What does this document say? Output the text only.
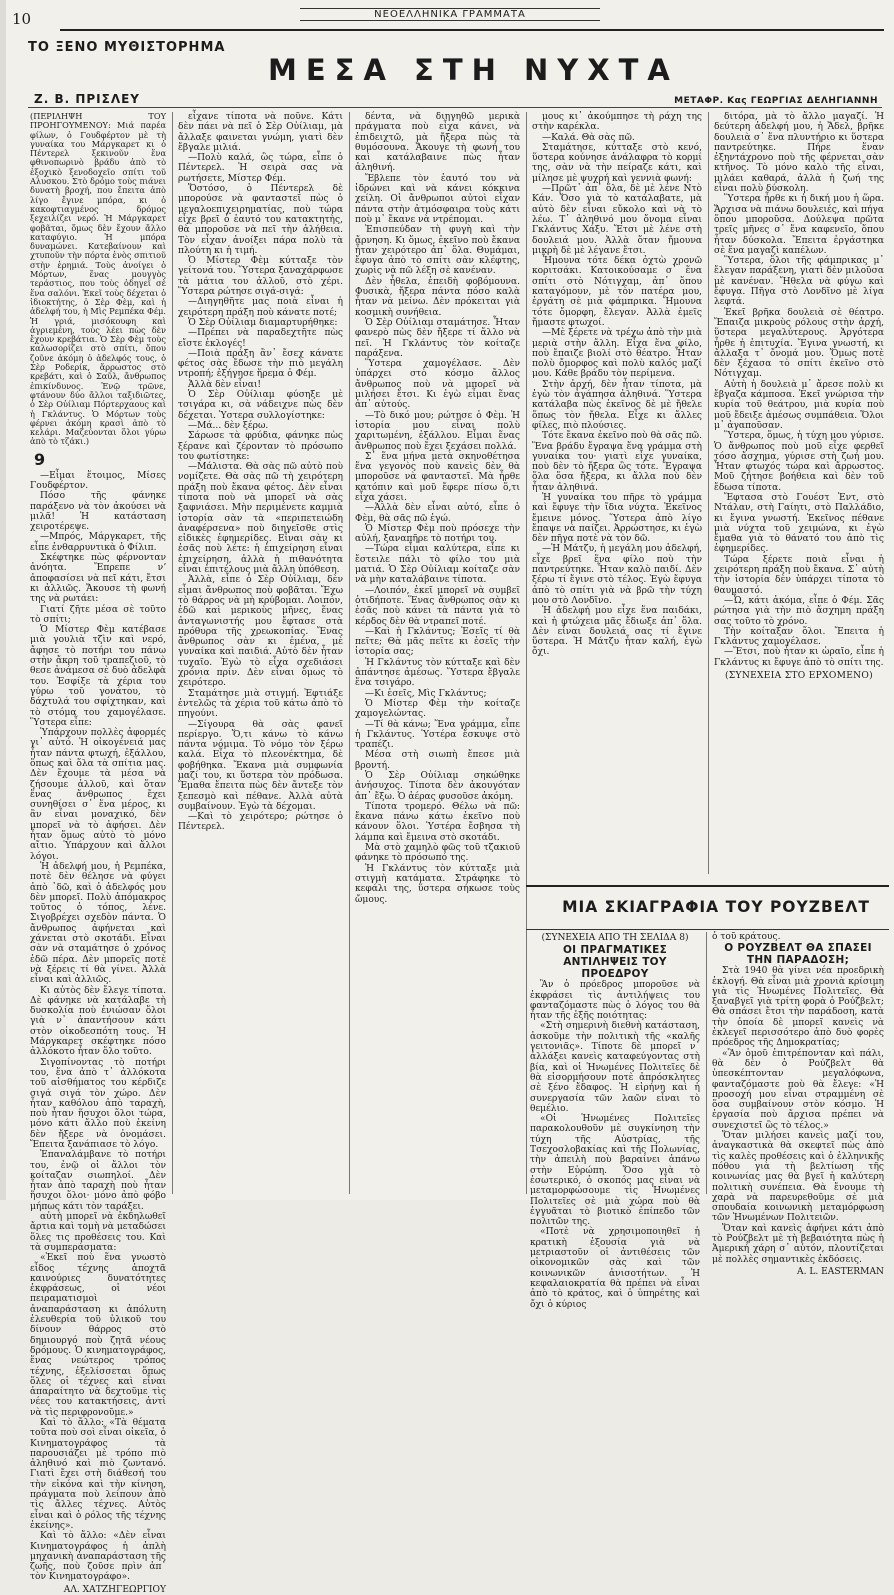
10	ΝΕΟΕΛΛΗΝΙΚΑ ΓΡΑΜΜΑΤΑ
ΤΟ ΞΕΝΟ ΜΥΘΙΣΤΟΡΗΜΑ
ΜΕΣΑ ΣΤΗ ΝΥΧΤΑ
Ζ. Β. ΠΡΙΣΛΕΥ	ΜΕΤΑΦΡ. Κας ΓΕΩΡΓΙΑΣ ΔΕΛΗΓΙΑΝΝΗ

(ΠΕΡΙΛΗΨΗ ΤΟΥ ΠΡΟΗΓΟΥΜΕΝΟΥ: Μιά παρέα φίλων, ὁ Γουδφέρτον μὲ τὴ γυναίκα του Μάργκαρετ κι ὁ Πέντερελ ξεκινοῦν ἕνα φθινοπωρινὸ βράδυ ἀπὸ τὸ ἐξοχικὸ ξενοδοχεῖο σπίτι τοῦ Αλυσκου. Στὸ δρόμο τοὺς πιάνει δυνατὴ βροχή, που ἔπειτα ἀπὸ λίγο ἔγινε μπόρα, κι ὁ κακοφτιαγμένος δρόμος ξεχειλίζει νερό. Ἡ Μάργκαρετ φοβᾶται, ὅμως δὲν ἔχουν ἄλλο καταφύγιο. Ἡ μπόρα δυναμώνει. Κατεβαίνουν καὶ χτυποῦν τὴν πόρτα ἑνὸς σπιτιοῦ στὴν ἐρημιά. Τοὺς ἀνοίγει ὁ Μόρτων, ἕνας μουγγὸς τεράστιος, που τοὺς ὁδηγεῖ σὲ ἕνα σαλόνι. Ἐκεῖ τοὺς δέχεται ὁ ἰδιοκτήτης, ὁ Σὲρ Φὲμ, καὶ ἡ ἀδελφή του, ἡ Μὶς Ρεμπέκα Φέμ. Ἡ γριά, μισόκουφη καὶ ἀγριεμένη, τοὺς λέει πὼς δὲν ἔχουν κρεβάτια. Ὁ Σὲρ Φὲμ τοὺς καλωσορίζει στὸ σπίτι, ὅπου ζοῦνε ἀκόμη ὁ ἀδελφός τους, ὁ Σὲρ Ροδερίκ, ἄρρωστος στὸ κρεβάτι, καὶ ὁ Σαῦλ, ἄνθρωπος ἐπικίνδυνος. Ἐνῷ τρῶνε, φτάνουν δύο ἄλλοι ταξιδιῶτες, ὁ Σὲρ Οὐίλιαμ Πόρτερχαους καὶ ἡ Γκλάντυς. Ὁ Μόρτων τοὺς φέρνει ἀκόμη κρασὶ ἀπὸ τὸ κελάρι. Μαζεύονται ὅλοι γύρω ἀπὸ τὸ τζάκι.)

9

—Εἶμαι ἕτοιμος, Μίσες Γουδφέρτον.

Πόσο τῆς φάνηκε παράξενο νὰ τὸν ἀκούσει νὰ μιλᾶ! Ἡ κατάσταση χειροτέρεψε.

—Μπρός, Μάργκαρετ, τῆς εἶπε ἐνθαρρυντικὰ ὁ Φίλιπ.

Σκέφτηκε πὼς φέρνονταν ἀνόητα. Ἔπρεπε νʼ ἀποφασίσει νὰ πεῖ κάτι, ἔτσι κι ἀλλιῶς. Ἄκουσε τὴ φωνή της νὰ ρωτάει:

Γιατί ζῆτε μέσα σὲ τοῦτο τὸ σπίτι;

Ὁ Μίστερ Φὲμ κατέβασε μιὰ γουλιὰ τζὶν καὶ νερό, ἄφησε τὸ ποτήρι του πάνω στὴν ἄκρη τοῦ τραπεζιοῦ, τὸ θεσε ἀνάμεσα σὲ δυὸ ἀδελφὰ του. Ἐσφίξε τὰ χέρια του γύρω τοῦ γονάτου, τὸ δάχτυλά του σφίχτηκαν, καὶ τὸ στόμα του χαμογέλασε. Ὕστερα εἶπε:

Ὑπάρχουν πολλὲς ἀφορμές γι᾽ αὐτό. Ἡ οἰκογένειά μας ἦταν πάντα φτωχή, ἐξάλλου, ὅπως καὶ ὅλα τὰ σπίτια μας. Δὲν ἔχουμε τὰ μέσα νὰ ζήσουμε ἀλλοῦ, καὶ ὅταν ἕνας ἄνθρωπος ἔχει συνηθίσει σ᾽ ἕνα μέρος, κι ἂν εἶναι μοναχικό, δὲν μπορεῖ νὰ τὸ ἀφήσει. Δὲν ἦταν ὅμως αὐτὸ τὸ μόνο αἴτιο. Ὑπάρχουν καὶ ἄλλοι λόγοι.

Ἡ ἀδελφή μου, ἡ Ρεμπέκα, ποτὲ δὲν θέλησε νὰ φύγει ἀπὸ ᾽δῶ, καὶ ὁ ἀδελφός μου δὲν μπορεῖ. Πολὺ ἀπόμακρος τοῦτος ὁ τόπος, λένε. Σιγοβρέχει σχεδὸν πάντα. Ὁ ἄνθρωπος ἀφήνεται καὶ χάνεται στὸ σκοτάδι. Εἶναι σὰν νὰ σταμάτησε ὁ χρόνος ἐδῶ πέρα. Δὲν μπορεῖς ποτὲ νὰ ξέρεις τί θὰ γίνει. Ἀλλὰ εἶναι καὶ ἀλλιῶς.

Κι αὐτὸς δὲν ἔλεγε τίποτα. Δὲ φάνηκε νὰ κατάλαβε τὴ δυσκολία ποὺ ἐνιώσαν ὅλοι γιὰ ν᾽ ἀπαντήσουν κάτι στὸν οἰκοδεσπότη τους. Ἡ Μάργκαρετ σκέφτηκε πόσο ἀλλόκοτο ἦταν ὅλο τοῦτο.

Σιγοπίνοντας τὸ ποτήρι του, ἕνα ἀπὸ τ᾽ ἀλλόκοτα τοῦ αἰσθήματος του κέρδιζε σιγά σιγά τὸν χώρο. Δὲν ἦταν καθόλου ἀπὸ ταραχὴ, ποὺ ἦταν ἥσυχοι ὅλοι τώρα, μόνο κάτι ἄλλο ποὺ ἐκείνη δὲν ἤξερε νὰ ὀνομάσει. Ἔπειτα ξανάπιασε τὸ λόγο.

Ἐπαναλάμβανε τὸ ποτήρι του, ἐνῷ οἱ ἄλλοι τὸν κοίταζαν σιωπηλοί. Δὲν ἦταν ἀπὸ ταραχὴ ποὺ ἦταν ἥσυχοι ὅλοι· μόνο ἀπὸ φόβο μήπως κάτι τὸν ταράξει.

αὐτὴ μπορεῖ νὰ ἐκδηλωθεῖ ἄρτια καὶ τομὴ νὰ μεταδώσει ὅλες τις προθέσεις του. Καὶ τὰ συμπεράσματα:

«Ἐκεῖ ποὺ ἕνα γνωστὸ εἶδος τέχνης ἀποχτᾶ καινούριες δυνατότητες ἐκφράσεως, οἱ νέοι πειραματισμοὶ ἀναπαράσταση κι ἀπόλυτη ἐλευθερία τοῦ ὑλικοῦ του δίνουν θάρρος στὸ δημιουργό ποὺ ζητᾶ νέους δρόμους. Ὁ κινηματογράφος, ἕνας νεώτερος τρόπος τέχνης, ἐξελίσσεται ὅπως ὅλες οἱ τέχνες καὶ εἶναι ἀπαραίτητο νὰ δεχτοῦμε τὶς νέες του κατακτήσεις, ἀντὶ νὰ τὶς περιφρονοῦμε.»

Καὶ τὸ ἄλλο: «Τὰ θέματα τοῦτα ποὺ σοὶ εἶναι οἰκεῖα, ὁ Κινηματογράφος τὰ παρουσιάζει μὲ τρόπο πιὸ ἀληθινό καὶ πιὸ ζωντανό. Γιατὶ ἔχει στὴ διάθεσή του τὴν εἰκόνα καὶ τὴν κίνηση, πράγματα ποὺ λείπουν ἀπὸ τὶς ἄλλες τέχνες. Αὐτὸς εἶναι καὶ ὁ ρόλος τῆς τέχνης ἐκείνης».

Καὶ τὸ ἄλλο: «Δὲν εἶναι Κινηματογράφος ἡ ἀπλὴ μηχανικὴ ἀναπαράσταση τῆς ζωῆς, ποὺ ζοῦσε πρὶν ἀπ᾽ τὸν Κινηματογράφο».

ΑΛ. ΧΑΤΖΗΓΕΩΡΓΙΟΥ

εἶχανε τίποτα νὰ ποῦνε. Κάτι δὲν πάει νὰ πεῖ ὁ Σὲρ Οὐίλιαμ, μὰ ἄλλαξε φαινεται γνώμη, γιατὶ δὲν ἔβγαλε μιλιά.

—Πολὺ καλά, ὣς τώρα, εἶπε ὁ Πέντερελ. Ἡ σειρὰ σας νὰ ρωτήσετε, Μίστερ Φέμ.

Ὅστόσο, ὁ Πέντερελ δὲ μπορούσε νὰ φανταστεῖ πὼς ὁ μεγαλοεπιχειρηματίας, ποὺ τώρα εἶχε βρεῖ ὁ ἑαυτό του κατακτητὴς, θὰ μποροῦσε νὰ πεῖ τὴν ἀλήθεια. Τὸν εἶχαν ἀνοίξει πάρα πολὺ τὰ πλούτη κι ἡ τιμή.

Ὁ Μίστερ Φὲμ κύτταξε τὸν γείτονά του. Ὕστερα ξαναχάρφωσε τὰ μάτια του ἀλλοῦ, στὸ χέρι. Ὕστερα ρώτησε σιγά-σιγά:

—Διηγηθῆτε μας ποιὰ εἶναι ἡ χειρότερη πράξη ποὺ κάνατε ποτέ;

Ὁ Σὲρ Οὐίλιαμ διαμαρτυρήθηκε:

—Πρέπει νὰ παραδεχτῆτε πὼς εἴστε ἐκλογές!

—Ποιὰ πράξη ἂν᾽ ἔσεχ κάνατε φέτος σὰς ἔδωσε τὴν πιὸ μεγάλη ντροπή; ἐξήγησε ἥρεμα ὁ Φέμ.

Ἀλλὰ δὲν εἶναι!

Ὁ Σὲρ Οὐίλιαμ φύσηξε μὲ τσιγάρα κι, σὰ νάδειχνε πὼς δὲν δέχεται. Ὑστερα συλλογίστηκε:

—Μά... δὲν ξέρω.

Σάρωσε τὰ φρύδια, φάνηκε πὼς ξέρανε καὶ ζέρονταν τὸ πρόσωπο του φωτίστηκε:

—Μάλιστα. Θὰ σὰς πῶ αὐτὸ ποὺ νομίζετε. Θὰ σὰς πῶ τὴ χειρότερη πράξη ποὺ ἔκανα φέτος. Δὲν εἶναι τίποτα ποὺ νὰ μπορεῖ νὰ σὰς ξαφνιάσει. Μὴν περιμένετε καμμιὰ ἱστορία σὰν τὰ «περιπετειώδη ἀναφέρσενα» ποὺ διηγεῖσθε στὶς εἰδικὲς ἐφημερίδες. Εἶναι σὰν κι ἐσᾶς ποὺ λέτε: ἡ ἐπιχείρηση εἶναι ἐπιχείρηση, ἀλλὰ ἡ πιθανότητα εἶναι ἐπιτέλους μιὰ ἄλλη ὑπόθεση.

Ἀλλὰ, εἶπε ὁ Σὲρ Οὐίλιαμ, δὲν εἶμαι ἄνθρωπος ποὺ φοβᾶται. Ἔχω τὸ θάρρος νὰ μὴ κρύβομαι. Λοιπόν, ἐδῶ καὶ μερικοὺς μῆνες, ἕνας ἀνταγωνιστής μου ἔφτασε στὰ πρόθυρα τῆς χρεωκοπίας. Ἔνας ἄνθρωπος σὰν κι ἐμένα, μὲ γυναίκα καὶ παιδιά. Αὐτὸ δὲν ἦταν τυχαῖο. Ἐγὼ τὸ εἶχα σχεδιάσει χρόνια πρίν. Δὲν εἶναι ὅμως τὸ χειρότερο.

Σταμάτησε μιὰ στιγμή. Ἐφτιάξε ἐντελῶς τὰ χέρια τοῦ κάτω ἀπὸ τὸ πηγούνι.

—Σίγουρα θὰ σὰς φανεῖ περίεργο. Ὅ,τι κάνω τὸ κάνω πάντα νόμιμα. Τὸ νόμο τὸν ξέρω καλά. Εἶχα τὸ πλεονέκτημα, δὲ φοβήθηκα. Ἔκανα μιὰ συμφωνία μαζί του, κι ὕστερα τὸν πρόδωσα. Ἔμαθα ἔπειτα πὼς δὲν ἄντεξε τὸν ξεπεσμὸ καὶ πέθανε. Ἀλλὰ αὐτὰ συμβαίνουν. Ἐγὼ τὰ δέχομαι.

—Καὶ τὸ χειρότερο; ρώτησε ὁ Πέντερελ.

δέντα, νὰ διηγηθῶ μερικὰ πράγματα ποὺ εἶχα κάνει, νὰ ἐπιδειχτῶ, μὰ ἤξερα πὼς τὰ θυμόσουνα. Ἄκουγε τὴ φωνή του καὶ κατάλαβαινε πὼς ἦταν ἀληθινή.

Ἔβλεπε τὸν ἑαυτό του νὰ ἱδρώνει καὶ νὰ κάνει κόκκινα χείλη. Οἱ ἄνθρωποι αὐτοὶ εἶχαν πάντα στὴν ἀτμόσφαιρα τοὺς κάτι ποὺ μ᾽ ἔκανε νὰ ντρέπομαι.

Ἐπισπεύδαν τὴ φυγὴ καὶ τὴν ἄρνηση. Κι ὅμως, ἐκεῖνο ποὺ ἔκανα ἦταν χειρότερο ἀπ᾽ ὅλα. Θυμάμαι, ἔφυγα ἀπὸ τὸ σπίτι σὰν κλέφτης, χωρὶς νὰ πῶ λέξη σὲ κανέναν.

Δὲν ἦθελα, ἐπειδὴ φοβόμουνα. Φυσικὰ, ἤξερα πάντα πόσο καλὰ ἦταν νὰ μείνω. Δὲν πρόκειται γιὰ κοσμικὴ συνήθεια.

Ὁ Σὲρ Οὐίλιαμ σταμάτησε. Ἦταν φανερὸ πὼς δὲν ἤξερε τί ἄλλο νὰ πεῖ. Ἡ Γκλάντυς τὸν κοίταζε παράξενα.

Ὕστερα χαμογέλασε. Δὲν ὑπάρχει στὸ κόσμο ἄλλος ἄνθρωπος ποὺ νὰ μπορεῖ νὰ μιλήσει ἔτσι. Κι ἐγὼ εἶμαι ἕνας ἀπ᾽ αὐτούς.

—Τὸ δικό μου; ρώτησε ὁ Φὲμ. Ἡ ἱστορία μου εἶναι πολὺ χαριτωμένη, ἐξάλλου. Εἶμαι ἕνας ἄνθρωπος ποὺ ἔχει ξεχάσει πολλά.

Σ᾽ ἕνα μήνα μετὰ σκηνοθέτησα ἕνα γεγονὸς ποὺ κανεὶς δὲν θὰ μποροῦσε νὰ φανταστεῖ. Μὰ ἦρθε κατόπιν καὶ μοῦ ἔφερε πίσω ὅ,τι εἶχα χάσει.

—Ἀλλὰ δὲν εἶναι αὐτό, εἶπε ὁ Φὲμ, θὰ σᾶς πῶ ἐγώ.

Ὁ Μίστερ Φὲμ ποὺ πρόσεχε τὴν αὐλή, ξαναπῆρε τὸ ποτήρι του.

—Τώρα εἶμαι καλύτερα, εἶπε κι ἔστειλε πάλι τὸ φίλο του μιὰ ματιά. Ὁ Σὲρ Οὐίλιαμ κοίταζε σὰν νὰ μὴν καταλάβαινε τίποτα.

—Λοιπόν, ἐκεῖ μπορεῖ νὰ συμβεῖ ὁτιδήποτε. Ἕνας ἄνθρωπος σὰν κι ἐσᾶς ποὺ κάνει τὰ πάντα γιὰ τὸ κέρδος δὲν θὰ ντραπεῖ ποτέ.

—Καὶ ἡ Γκλάντυς; Ἐσεῖς τί θὰ πεῖτε; Θὰ μᾶς πεῖτε κι ἐσεῖς τὴν ἱστορία σας;

Ἡ Γκλάντυς τὸν κύτταξε καὶ δὲν ἀπάντησε ἀμέσως. Ὕστερα ἔβγαλε ἕνα τσιγάρο.

—Κι ἐσεῖς, Μὶς Γκλάντυς;

Ὁ Μίστερ Φὲμ τὴν κοίταζε χαμογελώντας.

—Τί θὰ κάνω; Ἕνα γράμμα, εἶπε ἡ Γκλάντυς. Ὑστέρα ἔσκυψε στὸ τραπέζι.

Μέσα στὴ σιωπὴ ἔπεσε μιὰ βροντή.

Ὁ Σὲρ Οὐίλιαμ σηκώθηκε ἀνήσυχος. Τίποτα δὲν ἀκουγόταν ἀπ᾽ ἔξω. Ὁ ἀέρας φυσοῦσε ἀκόμη.

Τίποτα τρομερό. Θέλω νὰ πῶ: ἔκανα πάνω κάτω ἐκεῖνο ποὺ κάνουν ὅλοι. Ὑστέρα ἔσβησα τὴ λάμπα καὶ ἔμεινα στὸ σκοτάδι.

Μὰ στὸ χαμηλὸ φῶς τοῦ τζακιοῦ φάνηκε τὸ πρόσωπό της.

Ἡ Γκλάντυς τὸν κύτταξε μιὰ στιγμὴ κατάματα. Στράφηκε τὸ κεφάλι της, ὕστερα σήκωσε τοὺς ὤμους.

μους κι᾽ ἀκούμπησε τὴ ράχη της στὴν καρέκλα.

—Καλά. Θὰ σὰς πῶ.

Σταμάτησε, κύτταξε στὸ κενό, ὕστερα κούνησε ἀνάλαφρα τὸ κορμί της, σὰν νὰ τὴν πείραζε κάτι, καὶ μίλησε μὲ ψυχρή καὶ γεννιὰ φωνή:

—Πρῶτ᾽ ἀπ᾽ ὅλα, δὲ μὲ λένε Ντὸ Κάν. Ὅσο γιὰ τὸ κατάλαβατε, μὰ αὐτὸ δὲν εἶναι εὔκολο καὶ νὰ τὸ λέω. Τ᾽ ἀληθινό μου ὄνομα εἶναι Γκλάντυς Χάξυ. Ἔτσι μὲ λένε στὴ δουλειά μου. Ἀλλὰ ὅταν ἤμουνα μικρὴ δὲ μὲ λέγανε ἔτσι.

Ἦμουνα τότε δέκα ὀχτὼ χρονῶ κοριτσάκι. Κατοικούσαμε σ᾽ ἕνα σπίτι στὸ Νότιγχαμ, ἀπ᾽ ὅπου καταγόμουν, μὲ τὸν πατέρα μου, ἐργάτη σὲ μιὰ φάμπρικα. Ἤμουνα τότε ὄμορφη, ἔλεγαν. Ἀλλὰ ἐμεῖς ἤμαστε φτωχοί.

—Μὲ ξέρετε νὰ τρέχω ἀπὸ τὴν μιὰ μεριὰ στὴν ἄλλη. Εἶχα ἕνα φίλο, ποὺ ἔπαιζε βιολί στὸ θέατρο. Ἦταν πολὺ ὄμορφος καὶ πολὺ καλός μαζί μου. Κάθε βράδυ τὸν περίμενα.

Στὴν ἀρχή, δὲν ἦταν τίποτα, μὰ ἐγὼ τὸν ἀγάπησα ἀληθινά. Ὕστερα κατάλαβα πὼς ἐκεῖνος δὲ μὲ ἤθελε ὅπως τὸν ἤθελα. Εἶχε κι ἄλλες φίλες, πιὸ πλούσιες.

Τότε ἔκανα ἐκεῖνο ποὺ θὰ σᾶς πῶ. Ἕνα βράδυ ἔγραψα ἕνα γράμμα στὴ γυναίκα του· γιατὶ εἶχε γυναίκα, ποὺ δὲν τὸ ἤξερα ὣς τότε. Ἔγραψα ὅλα ὅσα ἤξερα, κι ἄλλα ποὺ δὲν ἦταν ἀληθινά.

Ἡ γυναίκα του πῆρε τὸ γράμμα καὶ ἔφυγε τὴν ἴδια νύχτα. Ἐκεῖνος ἔμεινε μόνος. Ὕστερα ἀπὸ λίγο ἔπαψε νὰ παίζει. Ἀρρώστησε, κι ἐγὼ δὲν πῆγα ποτὲ νὰ τὸν δῶ.

—Ἡ Μάτζυ, ἡ μεγάλη μου ἀδελφή, εἶχε βρεῖ ἕνα φίλο ποὺ τὴν παντρεύτηκε. Ἦταν καλὸ παιδί. Δὲν ξέρω τί ἔγινε στὸ τέλος. Ἐγὼ ἔφυγα ἀπὸ τὸ σπίτι γιὰ νὰ βρῶ τὴν τύχη μου στὸ Λονδῖνο.

Ἡ ἀδελφή μου εἶχε ἕνα παιδάκι, καὶ ἡ φτώχεια μᾶς ἔδιωξε ἀπ᾽ ὅλα. Δὲν εἶναι δουλειά σας τί ἔγινε ὕστερα. Ἡ Μάτζυ ἦταν καλή, ἐγὼ ὄχι.

διτόρα, μὰ τὸ ἄλλο μαγαζί. Ἡ δεύτερη ἀδελφή μου, ἡ Ἄδελ, βρῆκε δουλειὰ σ᾽ ἕνα πλυντήριο κι ὕστερα παντρεύτηκε. Πήρε ἕναν ἐξηντάχρονο ποὺ τῆς φέρνεται σὰν κτῆνος. Τὸ μόνο καλὸ τῆς εἶναι, μιλάει καθαρά, ἀλλὰ ἡ ζωή της εἶναι πολὺ δύσκολη.

Ὕστερα ἦρθε κι ἡ δική μου ἡ ὥρα. Ἄρχισα νὰ πιάνω δουλειές, καὶ πήγα ὅπου μποροῦσα. Δούλεψα πρῶτα τρεῖς μῆνες σ᾽ ἕνα καφενεῖο, ὅπου ἦταν δύσκολα. Ἔπειτα ἐργάστηκα σὲ ἕνα μαγαζὶ καπέλων.

Ὕστερα, ὅλοι τῆς φάμπρικας μ᾽ ἔλεγαν παράξενη, γιατὶ δὲν μιλοῦσα μὲ κανέναν. Ἤθελα νὰ φύγω καὶ ἔφυγα. Πῆγα στὸ Λονδῖνο μὲ λίγα λεφτά.

Ἐκεῖ βρῆκα δουλειὰ σὲ θέατρο. Ἔπαιζα μικροὺς ρόλους στὴν ἀρχή, ὕστερα μεγαλύτερους. Ἀργότερα ἦρθε ἡ ἐπιτυχία. Ἔγινα γνωστή, κι ἄλλαξα τ᾽ ὄνομά μου. Ὅμως ποτὲ δὲν ξέχασα τὸ σπίτι ἐκεῖνο στὸ Νότιγχαμ.

Αὐτὴ ἡ δουλειὰ μ᾽ ἄρεσε πολὺ κι ἔβγαζα κάμποσα. Ἐκεῖ γνώρισα τὴν κυρία τοῦ θεάτρου, μιὰ κυρία ποὺ μοῦ ἔδειξε ἀμέσως συμπάθεια. Ὅλοι μ᾽ ἀγαποῦσαν.

Ὕστερα, ὅμως, ἡ τύχη μου γύρισε. Ὁ ἄνθρωπος ποὺ μοῦ εἶχε φερθεῖ τόσο ἄσχημα, γύρισε στὴ ζωή μου. Ἦταν φτωχός τώρα καὶ ἄρρωστος. Μοῦ ζήτησε βοήθεια καὶ δὲν τοῦ ἔδωσα τίποτα.

Ἔφτασα στὸ Γουέστ Ἐντ, στὸ Ντάλαν, στὴ Γαίητι, στὸ Παλλάδιο, κι ἔγινα γνωστή. Ἐκεῖνος πέθανε μιὰ νύχτα τοῦ χειμώνα, κι ἐγὼ ἔμαθα γιὰ τὸ θάνατό του ἀπὸ τὶς ἐφημερίδες.

Τώρα ξέρετε ποιὰ εἶναι ἡ χειρότερη πράξη ποὺ ἔκανα. Σ᾽ αὐτὴ τὴν ἱστορία δὲν ὑπάρχει τίποτα τὸ θαυμαστό.

—Ὦ, κάτι ἀκόμα, εἶπε ὁ Φέμ. Σᾶς ρώτησα γιὰ τὴν πιὸ ἄσχημη πράξη σας τοῦτο τὸ χρόνο.

Τὴν κοίταξαν ὅλοι. Ἔπειτα ἡ Γκλάντυς χαμογέλασε.

—Ἔτσι, ποὺ ἦταν κι ὡραῖο, εἶπε ἡ Γκλάντυς κι ἔφυγε ἀπὸ τὸ σπίτι της.

(ΣΥΝΕΧΕΙΑ ΣΤΟ ΕΡΧΟΜΕΝΟ)

ΜΙΑ ΣΚΙΑΓΡΑΦΙΑ ΤΟΥ ΡΟΥΖΒΕΛΤ

(ΣΥΝΕΧΕΙΑ ΑΠΟ ΤΗ ΣΕΛΙΔΑ 8)

ΟΙ ΠΡΑΓΜΑΤΙΚΕΣ ΑΝΤΙΛΗΨΕΙΣ ΤΟΥ ΠΡΟΕΔΡΟΥ

Ἂν ὁ πρόεδρος μποροῦσε νὰ ἐκφράσει τὶς ἀντιλήψεις του φανταζόμαστε πὼς ὁ λόγος του θὰ ἦταν τῆς ἑξῆς ποιότητας:

«Στὴ σημερινὴ διεθνὴ κατάσταση, ἀσκοῦμε τὴν πολιτικὴ τῆς «καλῆς γειτονιᾶς». Τίποτε δὲ μπορεῖ ν᾽ ἀλλάξει κανεὶς καταφεύγοντας στὴ βία, καὶ οἱ Ἡνωμένες Πολιτεῖες δὲ θὰ εἰσορμήσουν ποτὲ ἀπρόσκλητες σὲ ξένο ἔδαφος. Ἡ εἰρήνη καὶ ἡ συνεργασία τῶν λαῶν εἶναι τὸ θεμέλιο.

«Οἱ Ἡνωμένες Πολιτεῖες παρακολουθοῦν μὲ συγκίνηση τὴν τύχη τῆς Αὐστρίας, τῆς Τσεχοσλοβακίας καὶ τῆς Πολωνίας, τὴν ἀπειλὴ ποὺ βαραίνει ἀπάνω στὴν Εὐρώπη. Ὅσο γιὰ τὸ ἐσωτερικό, ὁ σκοπός μας εἶναι νὰ μεταμορφώσουμε τὶς Ἡνωμένες Πολιτεῖες σὲ μιὰ χώρα ποὺ θὰ ἐγγυᾶται τὸ βιοτικὸ ἐπίπεδο τῶν πολιτῶν της.

«Ποτὲ νὰ χρησιμοποιηθεῖ ἡ κρατικὴ ἐξουσία γιὰ νὰ μετριαστοῦν οἱ ἀντιθέσεις τῶν οἰκονομικῶν σὰς καὶ τῶν κοινωνικῶν ἀνισοτήτων. Ἡ κεφαλαιοκρατία θὰ πρέπει νὰ εἶναι ἀπὸ τὸ κράτος, καὶ ὁ ὑπηρέτης καὶ ὄχι ὁ κύριος

ὁ τοῦ κράτους.

Ο ΡΟΥΖΒΕΛΤ ΘΑ ΣΠΑΣΕΙ ΤΗΝ ΠΑΡΑΔΟΣΗ;

Στὰ 1940 θὰ γίνει νέα προεδρικὴ ἐκλογή. Θὰ εἶναι μιὰ χρονιὰ κρίσιμη γιὰ τὶς Ἡνωμένες Πολιτεῖες. Θὰ ξαναβγεῖ γιὰ τρίτη φορὰ ὁ Ρούζβελτ; Θὰ σπάσει ἔτσι τὴν παράδοση, κατὰ τὴν ὁποία δὲ μπορεῖ κανεὶς νὰ ἐκλεγεῖ περισσότερο ἀπὸ δυὸ φορὲς πρόεδρος τῆς Δημοκρατίας;

«Ἂν ὁμοῦ ἐπιτρέπονταν καὶ πάλι, θὰ δὲν ὁ Ρούζβελτ θὰ ὑπεσκέπτονταν μεγαλόφωνα, φανταζόμαστε ποὺ θὰ ἔλεγε: «Ἡ προσοχή μου εἶναι στραμμένη σὲ ὅσα συμβαίνουν στὸν κόσμο. Ἡ ἐργασία ποὺ ἄρχισα πρέπει νὰ συνεχιστεῖ ὣς τὸ τέλος.»

Ὅταν μιλήσει κανεὶς μαζί του, ἀναγκαστικὰ θὰ σκεφτεῖ πὼς ἀπὸ τὶς καλὲς προθέσεις καὶ ὁ ἑλληνικῆς πόθου γιὰ τὴ βελτίωση τῆς κοινωνίας μας θὰ βγεῖ ἡ καλύτερη πολιτικὴ συνέπεια. Θὰ ἔνουμε τὴ χαρὰ νὰ παρευρεθοῦμε σὲ μιὰ σπουδαία κοινωνικὴ μεταμόρφωση τῶν Ἡνωμένων Πολιτειῶν.

Ὅταν καὶ κανεὶς ἀφήνει κάτι ἀπὸ τὸ Ρούζβελτ μὲ τὴ βεβαιότητα πὼς ἡ Ἀμερική χάρη σ᾽ αὐτόν, πλουτίζεται μὲ πολλὲς σημαντικὲς ἐκδόσεις.

A. L. EASTERMAN
